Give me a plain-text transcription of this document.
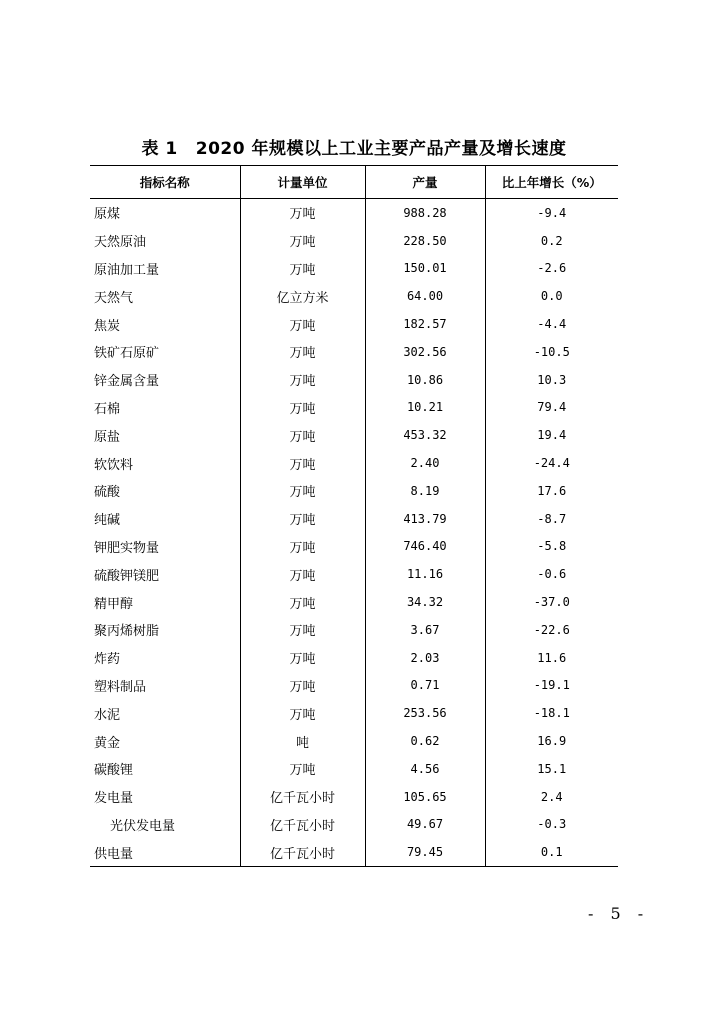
表 1 2020 年规模以上工业主要产品产量及增长速度
指标名称	计量单位	产量	比上年增长（%）
原煤	万吨	988.28	-9.4
天然原油	万吨	228.50	0.2
原油加工量	万吨	150.01	-2.6
天然气	亿立方米	64.00	0.0
焦炭	万吨	182.57	-4.4
铁矿石原矿	万吨	302.56	-10.5
锌金属含量	万吨	10.86	10.3
石棉	万吨	10.21	79.4
原盐	万吨	453.32	19.4
软饮料	万吨	2.40	-24.4
硫酸	万吨	8.19	17.6
纯碱	万吨	413.79	-8.7
钾肥实物量	万吨	746.40	-5.8
硫酸钾镁肥	万吨	11.16	-0.6
精甲醇	万吨	34.32	-37.0
聚丙烯树脂	万吨	3.67	-22.6
炸药	万吨	2.03	11.6
塑料制品	万吨	0.71	-19.1
水泥	万吨	253.56	-18.1
黄金	吨	0.62	16.9
碳酸锂	万吨	4.56	15.1
发电量	亿千瓦小时	105.65	2.4
光伏发电量	亿千瓦小时	49.67	-0.3
供电量	亿千瓦小时	79.45	0.1
- 5 -
